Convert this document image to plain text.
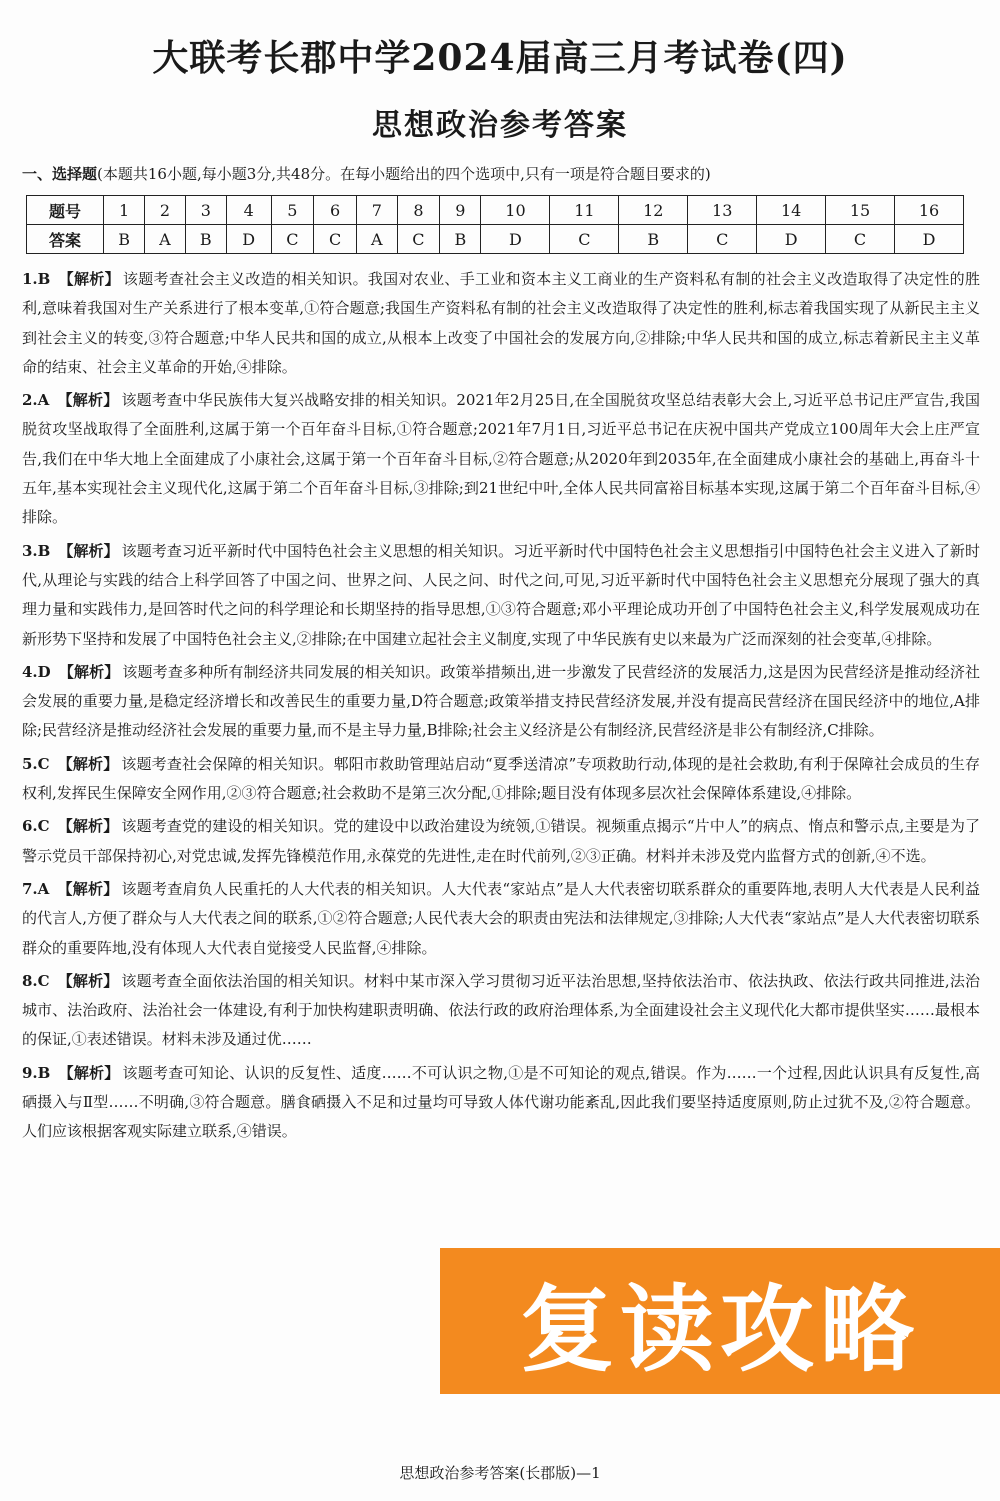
大联考长郡中学2024届高三月考试卷(四)
思想政治参考答案
一、选择题(本题共16小题,每小题3分,共48分。在每小题给出的四个选项中,只有一项是符合题目要求的)
题号	1	2	3	4	5	6	7	8	9	10	11	12	13	14	15	16
答案	B	A	B	D	C	C	A	C	B	D	C	B	C	D	C	D
1.B 【解析】 该题考查社会主义改造的相关知识。我国对农业、手工业和资本主义工商业的生产资料私有制的社会主义改造取得了决定性的胜利,意味着我国对生产关系进行了根本变革,①符合题意;我国生产资料私有制的社会主义改造取得了决定性的胜利,标志着我国实现了从新民主主义到社会主义的转变,③符合题意;中华人民共和国的成立,从根本上改变了中国社会的发展方向,②排除;中华人民共和国的成立,标志着新民主主义革命的结束、社会主义革命的开始,④排除。
2.A 【解析】 该题考查中华民族伟大复兴战略安排的相关知识。2021年2月25日,在全国脱贫攻坚总结表彰大会上,习近平总书记庄严宣告,我国脱贫攻坚战取得了全面胜利,这属于第一个百年奋斗目标,①符合题意;2021年7月1日,习近平总书记在庆祝中国共产党成立100周年大会上庄严宣告,我们在中华大地上全面建成了小康社会,这属于第一个百年奋斗目标,②符合题意;从2020年到2035年,在全面建成小康社会的基础上,再奋斗十五年,基本实现社会主义现代化,这属于第二个百年奋斗目标,③排除;到21世纪中叶,全体人民共同富裕目标基本实现,这属于第二个百年奋斗目标,④排除。
3.B 【解析】 该题考查习近平新时代中国特色社会主义思想的相关知识。习近平新时代中国特色社会主义思想指引中国特色社会主义进入了新时代,从理论与实践的结合上科学回答了中国之问、世界之问、人民之问、时代之问,可见,习近平新时代中国特色社会主义思想充分展现了强大的真理力量和实践伟力,是回答时代之问的科学理论和长期坚持的指导思想,①③符合题意;邓小平理论成功开创了中国特色社会主义,科学发展观成功在新形势下坚持和发展了中国特色社会主义,②排除;在中国建立起社会主义制度,实现了中华民族有史以来最为广泛而深刻的社会变革,④排除。
4.D 【解析】 该题考查多种所有制经济共同发展的相关知识。政策举措频出,进一步激发了民营经济的发展活力,这是因为民营经济是推动经济社会发展的重要力量,是稳定经济增长和改善民生的重要力量,D符合题意;政策举措支持民营经济发展,并没有提高民营经济在国民经济中的地位,A排除;民营经济是推动经济社会发展的重要力量,而不是主导力量,B排除;社会主义经济是公有制经济,民营经济是非公有制经济,C排除。
5.C 【解析】 该题考查社会保障的相关知识。郫阳市救助管理站启动“夏季送清凉”专项救助行动,体现的是社会救助,有利于保障社会成员的生存权利,发挥民生保障安全网作用,②③符合题意;社会救助不是第三次分配,①排除;题目没有体现多层次社会保障体系建设,④排除。
6.C 【解析】 该题考查党的建设的相关知识。党的建设中以政治建设为统领,①错误。视频重点揭示“片中人”的病点、惰点和警示点,主要是为了警示党员干部保持初心,对党忠诚,发挥先锋模范作用,永葆党的先进性,走在时代前列,②③正确。材料并未涉及党内监督方式的创新,④不选。
7.A 【解析】 该题考查肩负人民重托的人大代表的相关知识。人大代表“家站点”是人大代表密切联系群众的重要阵地,表明人大代表是人民利益的代言人,方便了群众与人大代表之间的联系,①②符合题意;人民代表大会的职责由宪法和法律规定,③排除;人大代表“家站点”是人大代表密切联系群众的重要阵地,没有体现人大代表自觉接受人民监督,④排除。
8.C 【解析】 该题考查全面依法治国的相关知识。材料中某市深入学习贯彻习近平法治思想,坚持依法治市、依法执政、依法行政共同推进,法治城市、法治政府、法治社会一体建设,有利于加快构建职责明确、依法行政的政府治理体系,为全面建设社会主义现代化大都市提供坚实……最根本的保证,①表述错误。材料未涉及通过优……
9.B 【解析】 该题考查可知论、认识的反复性、适度……不可认识之物,①是不可知论的观点,错误。作为……一个过程,因此认识具有反复性,高硒摄入与Ⅱ型……不明确,③符合题意。膳食硒摄入不足和过量均可导致人体代谢功能紊乱,因此我们要坚持适度原则,防止过犹不及,②符合题意。人们应该根据客观实际建立联系,④错误。
复读攻略
思想政治参考答案(长郡版)—1
